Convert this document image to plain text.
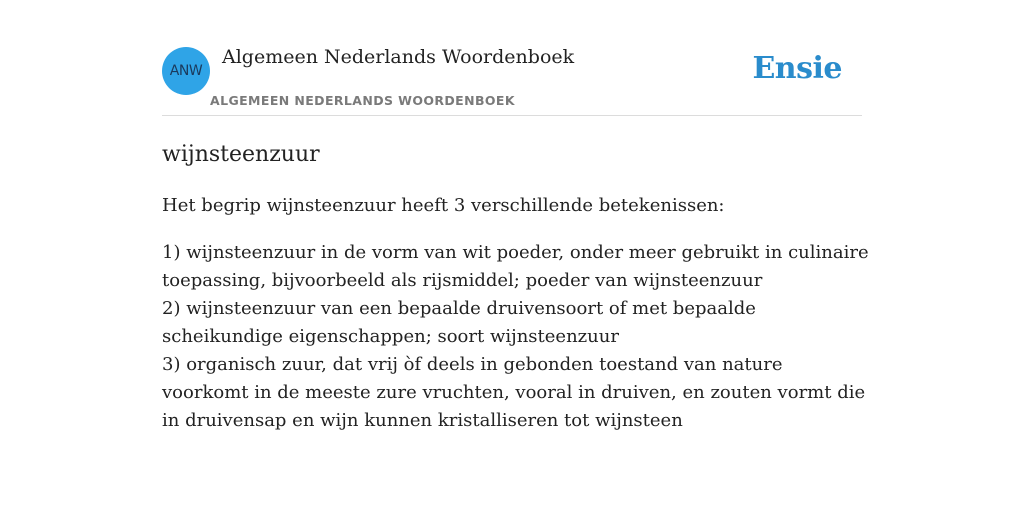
ANW
Algemeen Nederlands Woordenboek
ALGEMEEN NEDERLANDS WOORDENBOEK
Ensie
wijnsteenzuur

Het begrip wijnsteenzuur heeft 3 verschillende betekenissen:

1) wijnsteenzuur in de vorm van wit poeder, onder meer gebruikt in culinaire toepassing, bijvoorbeeld als rijsmiddel; poeder van wijnsteenzuur
2) wijnsteenzuur van een bepaalde druivensoort of met bepaalde scheikundige eigenschappen; soort wijnsteenzuur
3) organisch zuur, dat vrij òf deels in gebonden toestand van nature voorkomt in de meeste zure vruchten, vooral in druiven, en zouten vormt die in druivensap en wijn kunnen kristalliseren tot wijnsteen
